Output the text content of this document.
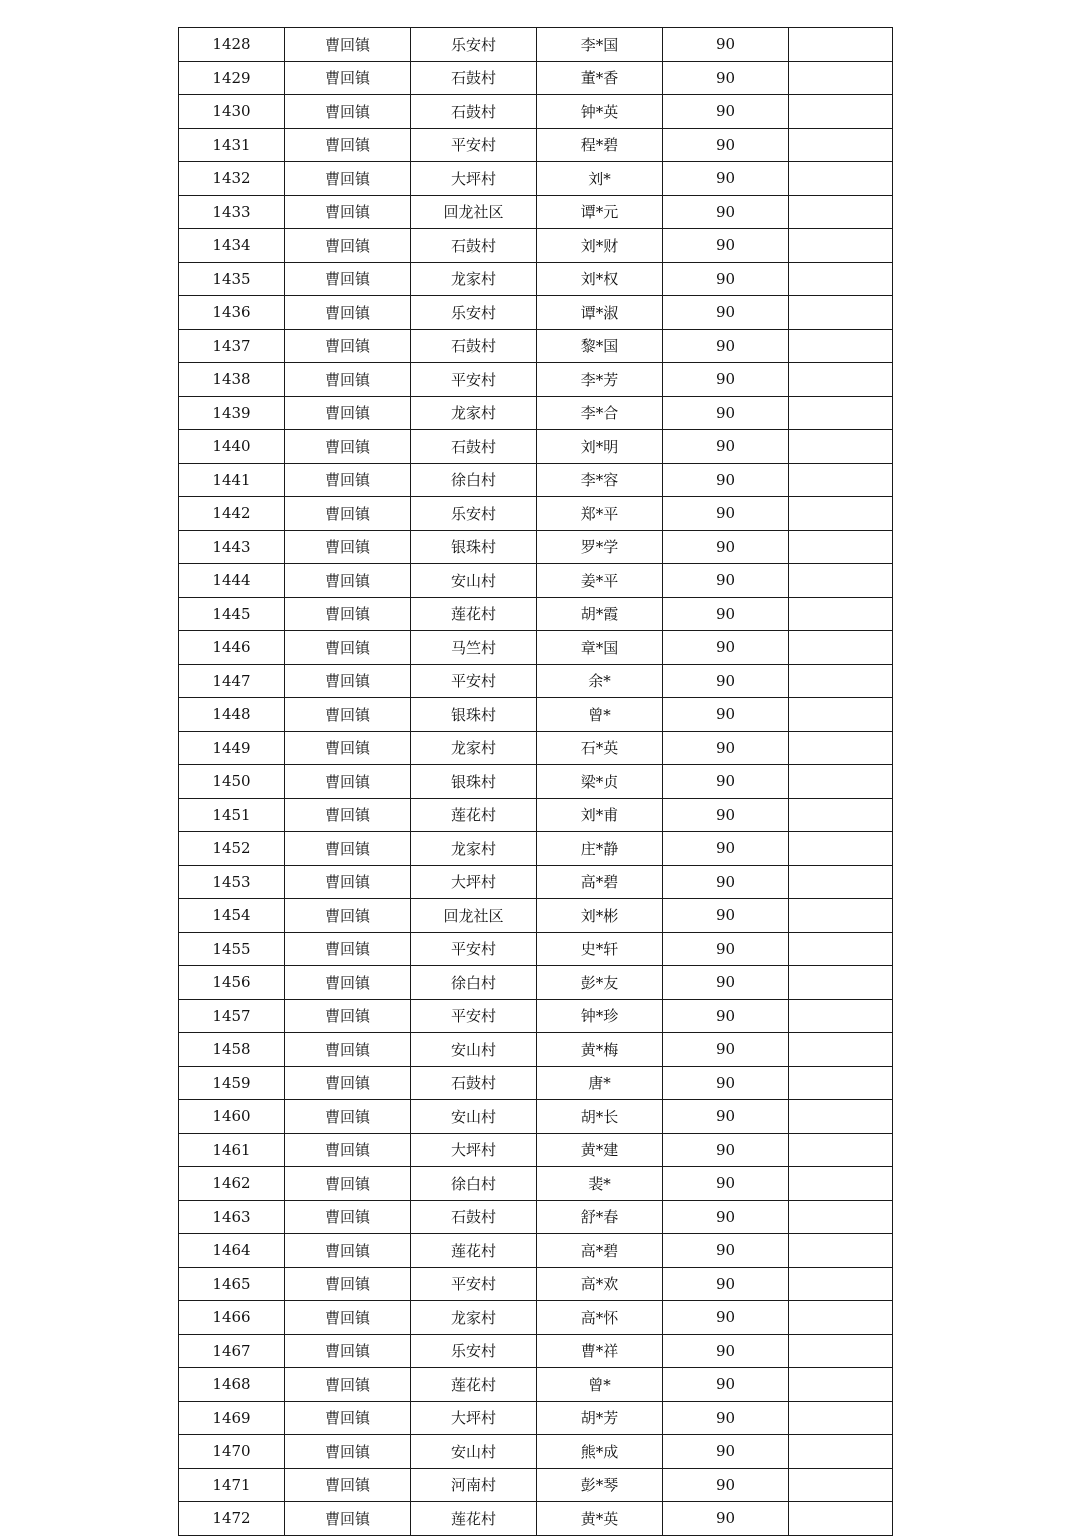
1428	曹回镇	乐安村	李*国	90	
1429	曹回镇	石鼓村	董*香	90	
1430	曹回镇	石鼓村	钟*英	90	
1431	曹回镇	平安村	程*碧	90	
1432	曹回镇	大坪村	刘*	90	
1433	曹回镇	回龙社区	谭*元	90	
1434	曹回镇	石鼓村	刘*财	90	
1435	曹回镇	龙家村	刘*权	90	
1436	曹回镇	乐安村	谭*淑	90	
1437	曹回镇	石鼓村	黎*国	90	
1438	曹回镇	平安村	李*芳	90	
1439	曹回镇	龙家村	李*合	90	
1440	曹回镇	石鼓村	刘*明	90	
1441	曹回镇	徐白村	李*容	90	
1442	曹回镇	乐安村	郑*平	90	
1443	曹回镇	银珠村	罗*学	90	
1444	曹回镇	安山村	姜*平	90	
1445	曹回镇	莲花村	胡*霞	90	
1446	曹回镇	马竺村	章*国	90	
1447	曹回镇	平安村	余*	90	
1448	曹回镇	银珠村	曾*	90	
1449	曹回镇	龙家村	石*英	90	
1450	曹回镇	银珠村	梁*贞	90	
1451	曹回镇	莲花村	刘*甫	90	
1452	曹回镇	龙家村	庄*静	90	
1453	曹回镇	大坪村	高*碧	90	
1454	曹回镇	回龙社区	刘*彬	90	
1455	曹回镇	平安村	史*轩	90	
1456	曹回镇	徐白村	彭*友	90	
1457	曹回镇	平安村	钟*珍	90	
1458	曹回镇	安山村	黄*梅	90	
1459	曹回镇	石鼓村	唐*	90	
1460	曹回镇	安山村	胡*长	90	
1461	曹回镇	大坪村	黄*建	90	
1462	曹回镇	徐白村	裴*	90	
1463	曹回镇	石鼓村	舒*春	90	
1464	曹回镇	莲花村	高*碧	90	
1465	曹回镇	平安村	高*欢	90	
1466	曹回镇	龙家村	高*怀	90	
1467	曹回镇	乐安村	曹*祥	90	
1468	曹回镇	莲花村	曾*	90	
1469	曹回镇	大坪村	胡*芳	90	
1470	曹回镇	安山村	熊*成	90	
1471	曹回镇	河南村	彭*琴	90	
1472	曹回镇	莲花村	黄*英	90	
